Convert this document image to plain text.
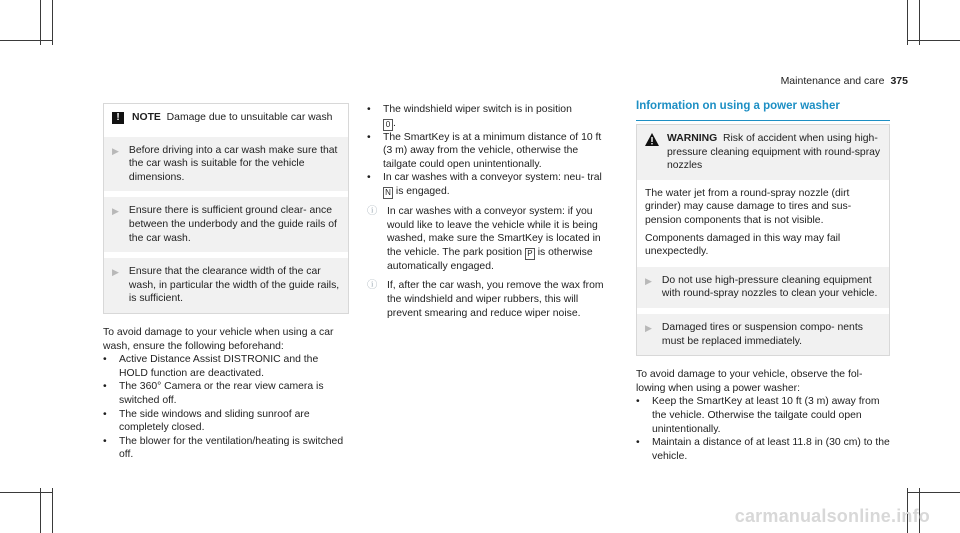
Maintenance and care 375
!	NOTE Damage due to unsuitable car wash

▶ Before driving into a car wash make sure that the car wash is suitable for the vehicle dimensions.

▶ Ensure there is sufficient ground clear- ance between the underbody and the guide rails of the car wash.

▶ Ensure that the clearance width of the car wash, in particular the width of the guide rails, is sufficient.

To avoid damage to your vehicle when using a car wash, ensure the following beforehand:

•	Active Distance Assist DISTRONIC and the HOLD function are deactivated.

•	The 360° Camera or the rear view camera is switched off.

•	The side windows and sliding sunroof are completely closed.

•	The blower for the ventilation/heating is switched off.

•	The windshield wiper switch is in position
0 .

•	The SmartKey is at a minimum distance of 10 ft (3 m) away from the vehicle, otherwise the tailgate could open unintentionally.

•	In car washes with a conveyor system: neu- tral N is engaged.

ⓘ In car washes with a conveyor system: if you would like to leave the vehicle while it is being washed, make sure the SmartKey is located in the vehicle. The park position P is otherwise automatically engaged.

ⓘ If, after the car wash, you remove the wax from the windshield and wiper rubbers, this will prevent smearing and reduce wiper noise.

Information on using a power washer

WARNING Risk of accident when using high-pressure cleaning equipment with round-spray nozzles

The water jet from a round-spray nozzle (dirt grinder) may cause damage to tires and sus- pension components that is not visible.

Components damaged in this way may fail unexpectedly.

▶ Do not use high-pressure cleaning equipment with round-spray nozzles to clean your vehicle.

▶ Damaged tires or suspension compo- nents must be replaced immediately.

To avoid damage to your vehicle, observe the fol- lowing when using a power washer:

•	Keep the SmartKey at least 10 ft (3 m) away from the vehicle. Otherwise the tailgate could open unintentionally.

•	Maintain a distance of at least 11.8 in (30 cm) to the vehicle.

carmanualsonline.info
